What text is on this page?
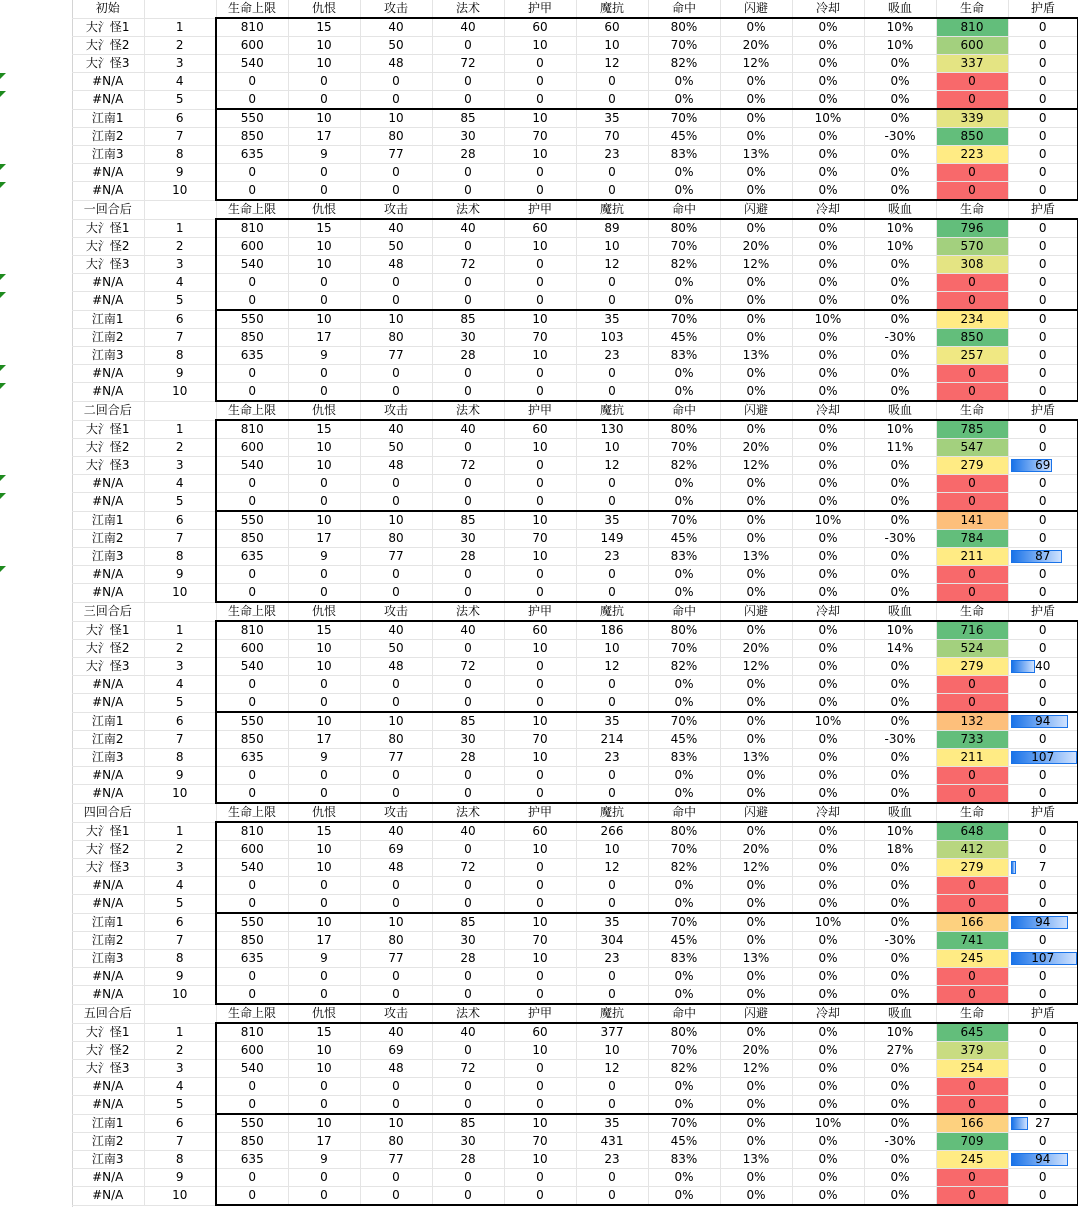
初始		生命上限	仇恨	攻击	法术	护甲	魔抗	命中	闪避	冷却	吸血	生命	护盾
大氵怪1	1	810	15	40	40	60	60	80%	0%	0%	10%	810	0
大氵怪2	2	600	10	50	0	10	10	70%	20%	0%	10%	600	0
大氵怪3	3	540	10	48	72	0	12	82%	12%	0%	0%	337	0
#N/A	4	0	0	0	0	0	0	0%	0%	0%	0%	0	0
#N/A	5	0	0	0	0	0	0	0%	0%	0%	0%	0	0
江南1	6	550	10	10	85	10	35	70%	0%	10%	0%	339	0
江南2	7	850	17	80	30	70	70	45%	0%	0%	-30%	850	0
江南3	8	635	9	77	28	10	23	83%	13%	0%	0%	223	0
#N/A	9	0	0	0	0	0	0	0%	0%	0%	0%	0	0
#N/A	10	0	0	0	0	0	0	0%	0%	0%	0%	0	0
一回合后		生命上限	仇恨	攻击	法术	护甲	魔抗	命中	闪避	冷却	吸血	生命	护盾
大氵怪1	1	810	15	40	40	60	89	80%	0%	0%	10%	796	0
大氵怪2	2	600	10	50	0	10	10	70%	20%	0%	10%	570	0
大氵怪3	3	540	10	48	72	0	12	82%	12%	0%	0%	308	0
#N/A	4	0	0	0	0	0	0	0%	0%	0%	0%	0	0
#N/A	5	0	0	0	0	0	0	0%	0%	0%	0%	0	0
江南1	6	550	10	10	85	10	35	70%	0%	10%	0%	234	0
江南2	7	850	17	80	30	70	103	45%	0%	0%	-30%	850	0
江南3	8	635	9	77	28	10	23	83%	13%	0%	0%	257	0
#N/A	9	0	0	0	0	0	0	0%	0%	0%	0%	0	0
#N/A	10	0	0	0	0	0	0	0%	0%	0%	0%	0	0
二回合后		生命上限	仇恨	攻击	法术	护甲	魔抗	命中	闪避	冷却	吸血	生命	护盾
大氵怪1	1	810	15	40	40	60	130	80%	0%	0%	10%	785	0
大氵怪2	2	600	10	50	0	10	10	70%	20%	0%	11%	547	0
大氵怪3	3	540	10	48	72	0	12	82%	12%	0%	0%	279	69
#N/A	4	0	0	0	0	0	0	0%	0%	0%	0%	0	0
#N/A	5	0	0	0	0	0	0	0%	0%	0%	0%	0	0
江南1	6	550	10	10	85	10	35	70%	0%	10%	0%	141	0
江南2	7	850	17	80	30	70	149	45%	0%	0%	-30%	784	0
江南3	8	635	9	77	28	10	23	83%	13%	0%	0%	211	87
#N/A	9	0	0	0	0	0	0	0%	0%	0%	0%	0	0
#N/A	10	0	0	0	0	0	0	0%	0%	0%	0%	0	0
三回合后		生命上限	仇恨	攻击	法术	护甲	魔抗	命中	闪避	冷却	吸血	生命	护盾
大氵怪1	1	810	15	40	40	60	186	80%	0%	0%	10%	716	0
大氵怪2	2	600	10	50	0	10	10	70%	20%	0%	14%	524	0
大氵怪3	3	540	10	48	72	0	12	82%	12%	0%	0%	279	40
#N/A	4	0	0	0	0	0	0	0%	0%	0%	0%	0	0
#N/A	5	0	0	0	0	0	0	0%	0%	0%	0%	0	0
江南1	6	550	10	10	85	10	35	70%	0%	10%	0%	132	94
江南2	7	850	17	80	30	70	214	45%	0%	0%	-30%	733	0
江南3	8	635	9	77	28	10	23	83%	13%	0%	0%	211	107
#N/A	9	0	0	0	0	0	0	0%	0%	0%	0%	0	0
#N/A	10	0	0	0	0	0	0	0%	0%	0%	0%	0	0
四回合后		生命上限	仇恨	攻击	法术	护甲	魔抗	命中	闪避	冷却	吸血	生命	护盾
大氵怪1	1	810	15	40	40	60	266	80%	0%	0%	10%	648	0
大氵怪2	2	600	10	69	0	10	10	70%	20%	0%	18%	412	0
大氵怪3	3	540	10	48	72	0	12	82%	12%	0%	0%	279	7
#N/A	4	0	0	0	0	0	0	0%	0%	0%	0%	0	0
#N/A	5	0	0	0	0	0	0	0%	0%	0%	0%	0	0
江南1	6	550	10	10	85	10	35	70%	0%	10%	0%	166	94
江南2	7	850	17	80	30	70	304	45%	0%	0%	-30%	741	0
江南3	8	635	9	77	28	10	23	83%	13%	0%	0%	245	107
#N/A	9	0	0	0	0	0	0	0%	0%	0%	0%	0	0
#N/A	10	0	0	0	0	0	0	0%	0%	0%	0%	0	0
五回合后		生命上限	仇恨	攻击	法术	护甲	魔抗	命中	闪避	冷却	吸血	生命	护盾
大氵怪1	1	810	15	40	40	60	377	80%	0%	0%	10%	645	0
大氵怪2	2	600	10	69	0	10	10	70%	20%	0%	27%	379	0
大氵怪3	3	540	10	48	72	0	12	82%	12%	0%	0%	254	0
#N/A	4	0	0	0	0	0	0	0%	0%	0%	0%	0	0
#N/A	5	0	0	0	0	0	0	0%	0%	0%	0%	0	0
江南1	6	550	10	10	85	10	35	70%	0%	10%	0%	166	27
江南2	7	850	17	80	30	70	431	45%	0%	0%	-30%	709	0
江南3	8	635	9	77	28	10	23	83%	13%	0%	0%	245	94
#N/A	9	0	0	0	0	0	0	0%	0%	0%	0%	0	0
#N/A	10	0	0	0	0	0	0	0%	0%	0%	0%	0	0
